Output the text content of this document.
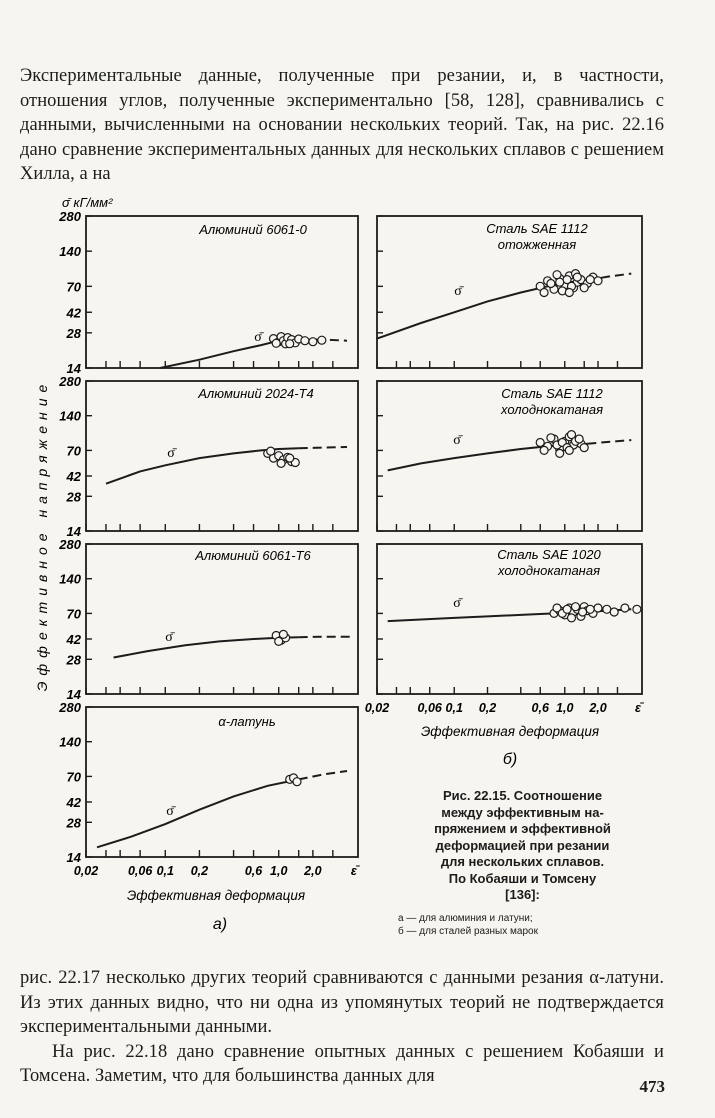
Экспериментальные данные, полученные при резании, и, в частности, отношения углов, полученные экспериментально [58, 128], сравнивались с данными, вычисленными на основании нескольких теорий. Так, на рис. 22.16 дано сравнение экспериментальных данных для нескольких сплавов с решением Хилла, а на

14
28
42
70
140
280
Алюминий 6061-0
σ̄
14
28
42
70
140
280
Алюминий 2024-Т4
σ̄
14
28
42
70
140
280
Алюминий 6061-Т6
σ̄
14
28
42
70
140
280
0,02 0,06 0,1 0,2	0,6 1,0 2,0 ε̄
α-латунь
σ̄
Сталь SAE 1112
отожженная
σ̄
Сталь SAE 1112
холоднокатаная
σ̄
0,02 0,06 0,1 0,2	0,6 1,0 2,0 ε̄
Сталь SAE 1020
холоднокатаная
σ̄
σ̄ кГ/мм²
Эффективное напряжение
Эффективная деформация
Эффективная деформация
а)
б)
Рис. 22.15. Соотношение
между эффективным на-
пряжением и эффективной
деформацией при резании
для нескольких сплавов.
По Кобаяши и Томсену
[136]:
а — для алюминия и латуни;
б — для сталей разных марок
рис. 22.17 несколько других теорий сравниваются с данными резания α-латуни. Из этих данных видно, что ни одна из упомянутых теорий не подтверждается экспериментальными данными.
На рис. 22.18 дано сравнение опытных данных с решением Кобаяши и Томсена. Заметим, что для большинства данных для
473
